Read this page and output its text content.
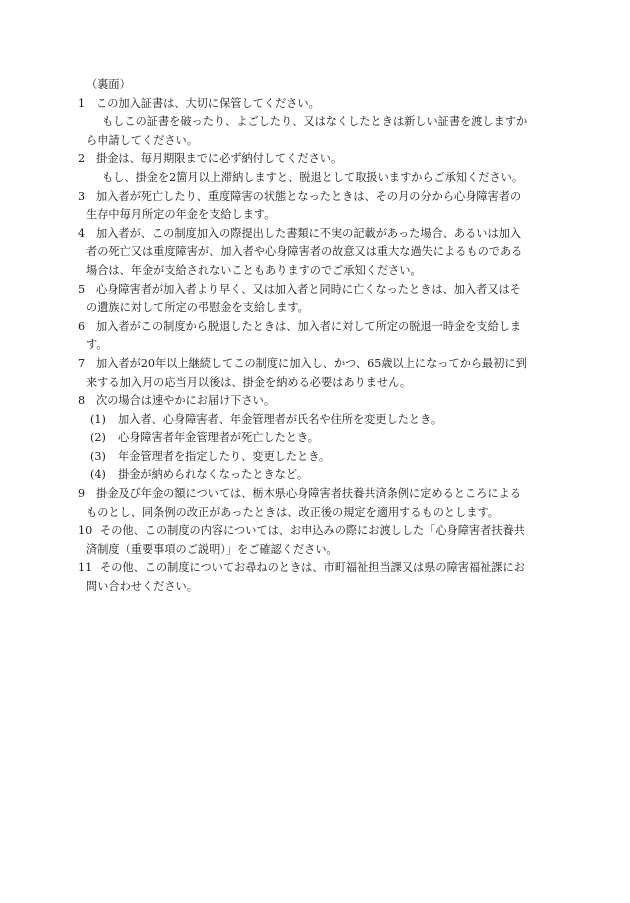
（裏面）
1 この加入証書は、大切に保管してください。
もしこの証書を破ったり、よごしたり、又はなくしたときは新しい証書を渡しますか
ら申請してください。
2 掛金は、毎月期限までに必ず納付してください。
もし、掛金を2箇月以上滞納しますと、脱退として取扱いますからご承知ください。
3 加入者が死亡したり、重度障害の状態となったときは、その月の分から心身障害者の
生存中毎月所定の年金を支給します。
4 加入者が、この制度加入の際提出した書類に不実の記載があった場合、あるいは加入
者の死亡又は重度障害が、加入者や心身障害者の故意又は重大な過失によるものである
場合は、年金が支給されないこともありますのでご承知ください。
5 心身障害者が加入者より早く、又は加入者と同時に亡くなったときは、加入者又はそ
の遺族に対して所定の弔慰金を支給します。
6 加入者がこの制度から脱退したときは、加入者に対して所定の脱退一時金を支給しま
す。
7 加入者が20年以上継続してこの制度に加入し、かつ、65歳以上になってから最初に到
来する加入月の応当月以後は、掛金を納める必要はありません。
8 次の場合は速やかにお届け下さい。
(1) 加入者、心身障害者、年金管理者が氏名や住所を変更したとき。
(2) 心身障害者年金管理者が死亡したとき。
(3) 年金管理者を指定したり、変更したとき。
(4) 掛金が納められなくなったときなど。
9 掛金及び年金の額については、栃木県心身障害者扶養共済条例に定めるところによる
ものとし、同条例の改正があったときは、改正後の規定を適用するものとします。
10 その他、この制度の内容については、お申込みの際にお渡しした「心身障害者扶養共
済制度（重要事項のご説明）」をご確認ください。
11 その他、この制度についてお尋ねのときは、市町福祉担当課又は県の障害福祉課にお
問い合わせください。
